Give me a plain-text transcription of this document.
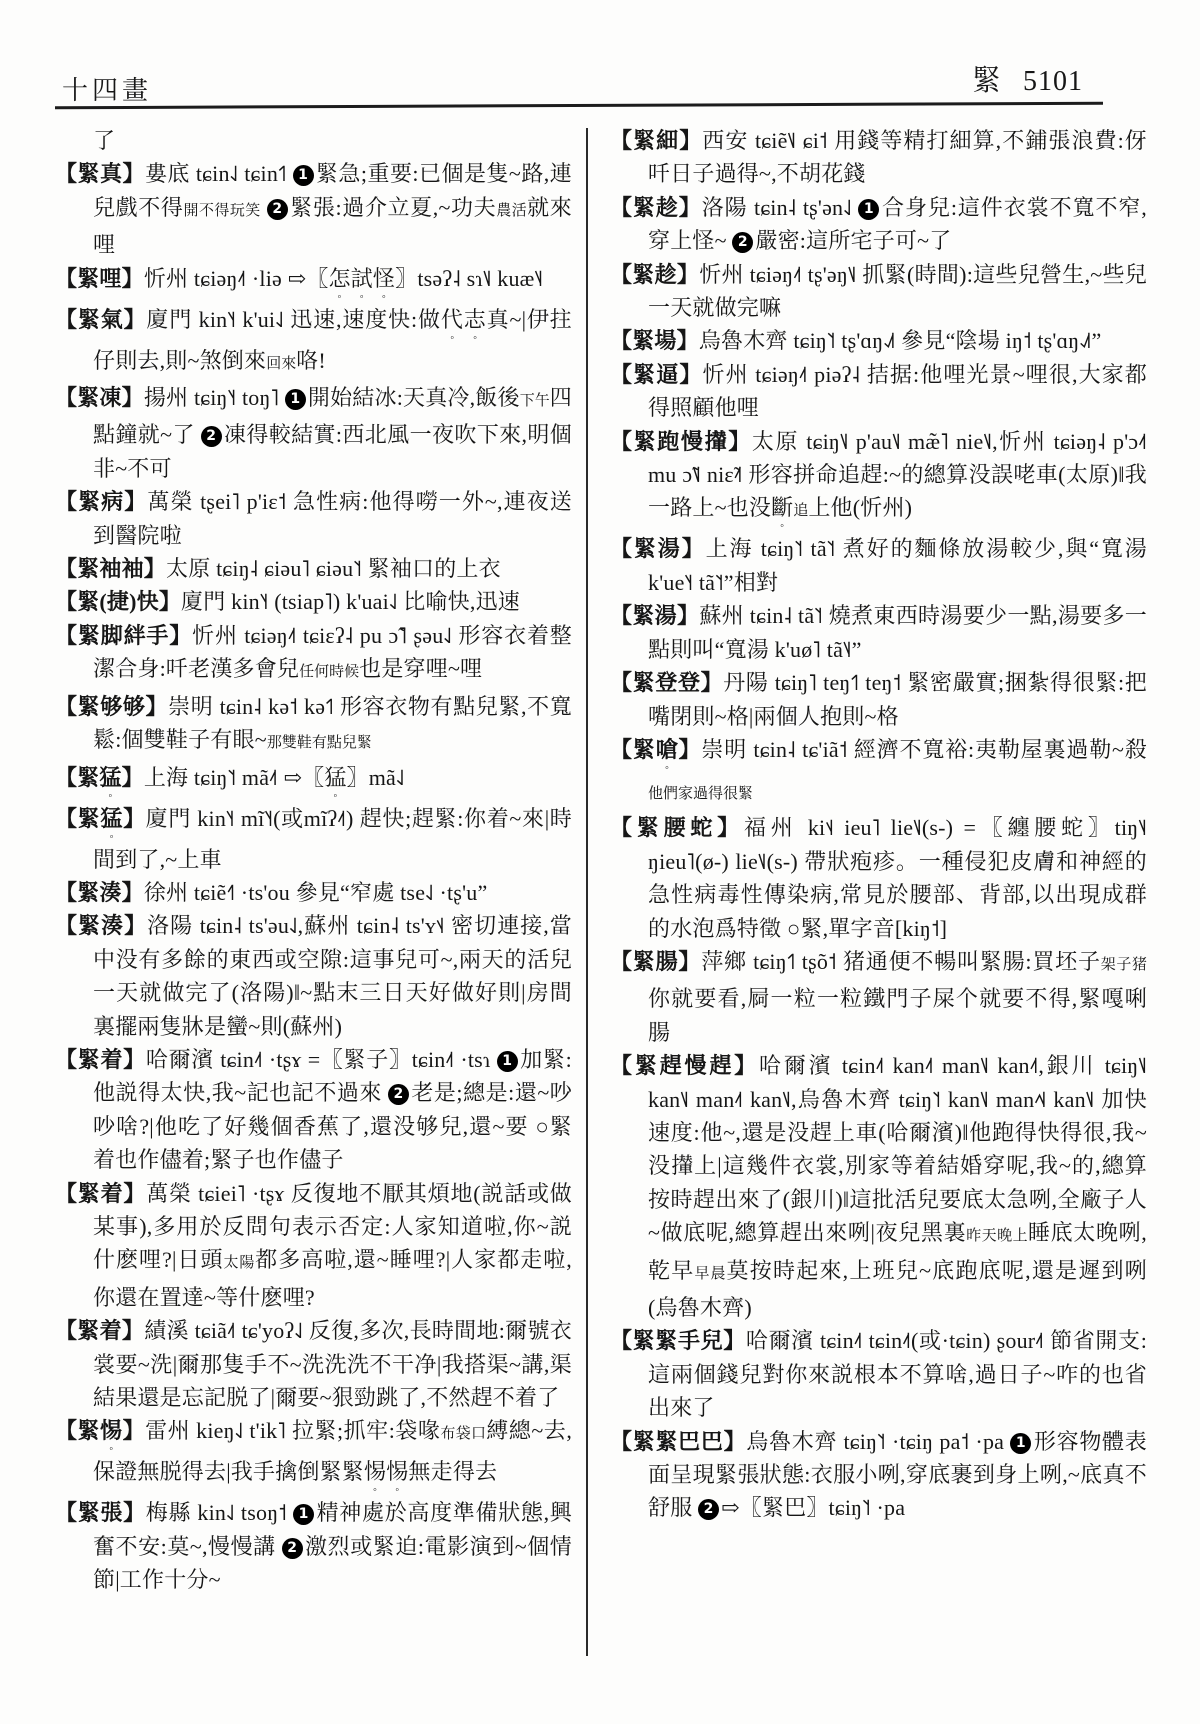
十四畫	緊 5101

了

【緊真】婁底 tɕin˨˩ tɕin˦˥ 1 緊急;重要:已個是隻~路,連兒戲不得開不得玩笑 2 緊張:過介立夏,~功夫農活就來哩

【緊哩】忻州 tɕiəŋ˨˦ ·liə ⇨〖怎試怪〗tsəʔ˨ sɿ˥˩ kuæ˥˨

【緊氣】廈門 kin˥˧ k'ui˨˩ 迅速,速度快:做代志真~|伊拄仔則去,則~煞倒來回來咯!

【緊凍】揚州 tɕiŋ˥˧ toŋ˥ 1 開始結冰:天真冷,飯後下午四點鐘就~了 2 凍得較結實:西北風一夜吹下來,明個非~不可

【緊病】萬榮 tʂei˥ p'iɛ˦ 急性病:他得嘮一外~,連夜送到醫院啦

【緊袖袖】太原 tɕiŋ˨ ɕiəu˥ ɕiəu˥˦ 緊袖口的上衣

【緊(捷)快】廈門 kin˥˧ (tsiap˥) k'uai˨˩ 比喻快,迅速

【緊脚絆手】忻州 tɕiəŋ˨˦ tɕiɛʔ˨ pu ɔ̃˥ ʂəu˨˩ 形容衣着整潔合身:吀老漢多會兒任何時候也是穿哩~哩

【緊够够】崇明 tɕin˨ kə˦ kə˦˥ 形容衣物有點兒緊,不寬鬆:個雙鞋子有眼~那雙鞋有點兒緊

【緊猛】上海 tɕiŋ˥˦ mã˨˦ ⇨〖猛〗mã˨˩

【緊猛】廈門 kin˥˧ mĩ˥˧(或mĩʔ˨˦) 趕快;趕緊:你着~來|時間到了,~上車

【緊湊】徐州 tɕiẽ˧˥ ·ts'ou 參見“窄處 tse˨˩ ·tʂ'u”

【緊湊】洛陽 tɕin˨ ts'əu˨˩,蘇州 tɕin˨ ts'ʏ˦˨ 密切連接,當中没有多餘的東西或空隙:這事兒可~,兩天的活兒一天就做完了(洛陽)‖~點末三日天好做好則|房間裏擺兩隻牀是蠻~則(蘇州)

【緊着】哈爾濱 tɕin˨˦ ·tʂɤ =〖緊子〗tɕin˨˦ ·tsɿ 1 加緊:他説得太快,我~記也記不過來 2 老是;總是:還~吵吵啥?|他吃了好幾個香蕉了,還没够兒,還~要 ○緊着也作儘着;緊子也作儘子

【緊着】萬榮 tɕiei˥ ·tʂɤ 反復地不厭其煩地(説話或做某事),多用於反問句表示否定:人家知道啦,你~説什麽哩?|日頭太陽都多高啦,還~睡哩?|人家都走啦,你還在置達~等什麽哩?

【緊着】績溪 tɕiã˨˦ tɕ'yoʔ˨˩ 反復,多次,長時間地:爾號衣裳要~洗|爾那隻手不~洗洗洗不干净|我搭渠~講,渠結果還是忘記脱了|爾要~狠勁跳了,不然趕不着了

【緊惕】雷州 kieŋ˨˩ t'ik˥ 拉緊;抓牢:袋喙布袋口縛總~去,保證無脱得去|我手擒倒緊緊惕惕無走得去

【緊張】梅縣 kin˨˩ tsoŋ˦ 1 精神處於高度準備狀態,興奮不安:莫~,慢慢講 2 激烈或緊迫:電影演到~個情節|工作十分~

【緊細】西安 tɕiẽ˥˩ ɕi˦ 用錢等精打細算,不鋪張浪費:伢吀日子過得~,不胡花錢

【緊趁】洛陽 tɕin˨ tʂ'ən˨˩ 1 合身兒:這件衣裳不寬不窄,穿上怪~ 2 嚴密:這所宅子可~了

【緊趁】忻州 tɕiəŋ˨˦ tʂ'əŋ˥˩ 抓緊(時間):這些兒營生,~些兒一天就做完嘛

【緊場】烏魯木齊 tɕiŋ˥˦ tʂ'ɑŋ˨˩˦ 參見“陰場 iŋ˦ tʂ'ɑŋ˨˩˦”

【緊逼】忻州 tɕiəŋ˨˦ piəʔ˨ 拮据:他哩光景~哩很,大家都得照顧他哩

【緊跑慢攆】太原 tɕiŋ˥˩ p'au˥˩ mæ̃˥ nie˥˩,忻州 tɕiəŋ˨ p'ɔ˨˦ mu ɔ̃˥˩ niɛ̃˨˦ 形容拼命追趕:~的總算没誤咾車(太原)‖我一路上~也没斷追上他(忻州)

【緊湯】上海 tɕiŋ˥˦ tã˥˦ 煮好的麵條放湯較少,與“寬湯 k'ue˥˧ tã˥˦”相對

【緊湯】蘇州 tɕin˨ tã˥˦ 燒煮東西時湯要少一點,湯要多一點則叫“寬湯 k'uø˥ tã˥˨”

【緊登登】丹陽 tɕiŋ˥ teŋ˦˥ teŋ˦ 緊密嚴實;捆紮得很緊:把嘴閉則~格|兩個人抱則~格

【緊嗆】崇明 tɕin˨ tɕ'iã˦ 經濟不寬裕:夷勒屋裏過勒~殺他們家過得很緊

【緊腰蛇】福州 ki˦˨ ieu˥ lie˥˩(s-) =〖纏腰蛇〗tiŋ˥˨ ŋieu˥(ø-) lie˥˩(s-) 帶狀疱疹。一種侵犯皮膚和神經的急性病毒性傳染病,常見於腰部、背部,以出現成群的水泡爲特徵 ○緊,單字音[kiŋ˦]

【緊腸】萍鄉 tɕiŋ˦˥ tʂõ˦ 猪通便不暢叫緊腸:買坯子架子猪你就要看,屙一粒一粒鐵門子屎个就要不得,緊嘎唎腸

【緊趕慢趕】哈爾濱 tɕin˨˦ kan˨˦ man˥˩ kan˨˦,銀川 tɕiŋ˥˩ kan˥˩ man˨˦ kan˥˩,烏魯木齊 tɕiŋ˥˦ kan˥˩ man˨˦˨ kan˥˩ 加快速度:他~,還是没趕上車(哈爾濱)‖他跑得快得很,我~没攆上|這幾件衣裳,別家等着結婚穿呢,我~的,總算按時趕出來了(銀川)‖這批活兒要底太急咧,全廠子人~做底呢,總算趕出來咧|夜兒黑裏昨天晚上睡底太晚咧,乾早早晨莫按時起來,上班兒~底跑底呢,還是遲到咧(烏魯木齊)

【緊緊手兒】哈爾濱 tɕin˨˦ tɕin˨˦(或·tɕin) ʂour˨˦ 節省開支:這兩個錢兒對你來説根本不算啥,過日子~咋的也省出來了

【緊緊巴巴】烏魯木齊 tɕiŋ˥˦ ·tɕiŋ pa˦ ·pa 1 形容物體表面呈現緊張狀態:衣服小咧,穿底裹到身上咧,~底真不舒服 2 ⇨〖緊巴〗tɕiŋ˥˦ ·pa
